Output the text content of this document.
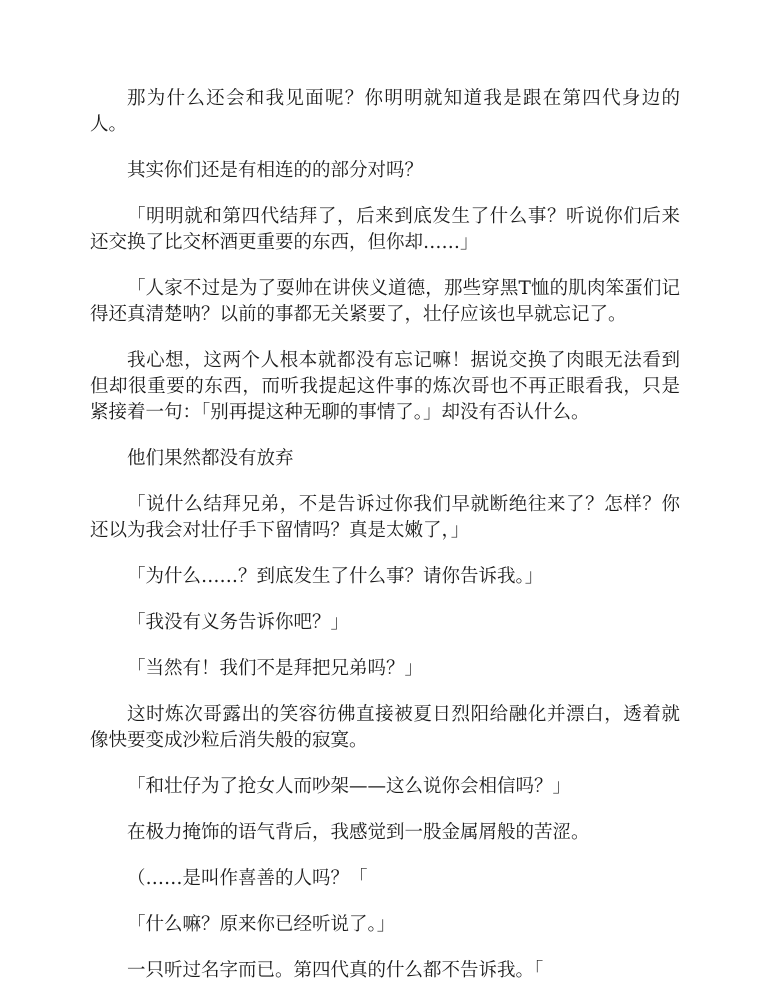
那为什么还会和我见面呢？你明明就知道我是跟在第四代身边的人。

其实你们还是有相连的的部分对吗？

「明明就和第四代结拜了，后来到底发生了什么事？听说你们后来还交换了比交杯酒更重要的东西，但你却……」

「人家不过是为了耍帅在讲侠义道德，那些穿黑T恤的肌肉笨蛋们记得还真清楚呐？以前的事都无关紧要了，壮仔应该也早就忘记了。

我心想，这两个人根本就都没有忘记嘛！据说交换了肉眼无法看到但却很重要的东西，而听我提起这件事的炼次哥也不再正眼看我，只是紧接着一句：「别再提这种无聊的事情了。」却没有否认什么。

他们果然都没有放弃

「说什么结拜兄弟，不是告诉过你我们早就断绝往来了？怎样？你还以为我会对壮仔手下留情吗？真是太嫩了，」

「为什么……？到底发生了什么事？请你告诉我。」

「我没有义务告诉你吧？」

「当然有！我们不是拜把兄弟吗？」

这时炼次哥露出的笑容彷佛直接被夏日烈阳给融化并漂白，透着就像快要变成沙粒后消失般的寂寞。

「和壮仔为了抢女人而吵架——这么说你会相信吗？」

在极力掩饰的语气背后，我感觉到一股金属屑般的苦涩。

（……是叫作喜善的人吗？「

「什么嘛？原来你已经听说了。」

一只听过名字而已。第四代真的什么都不告诉我。「
